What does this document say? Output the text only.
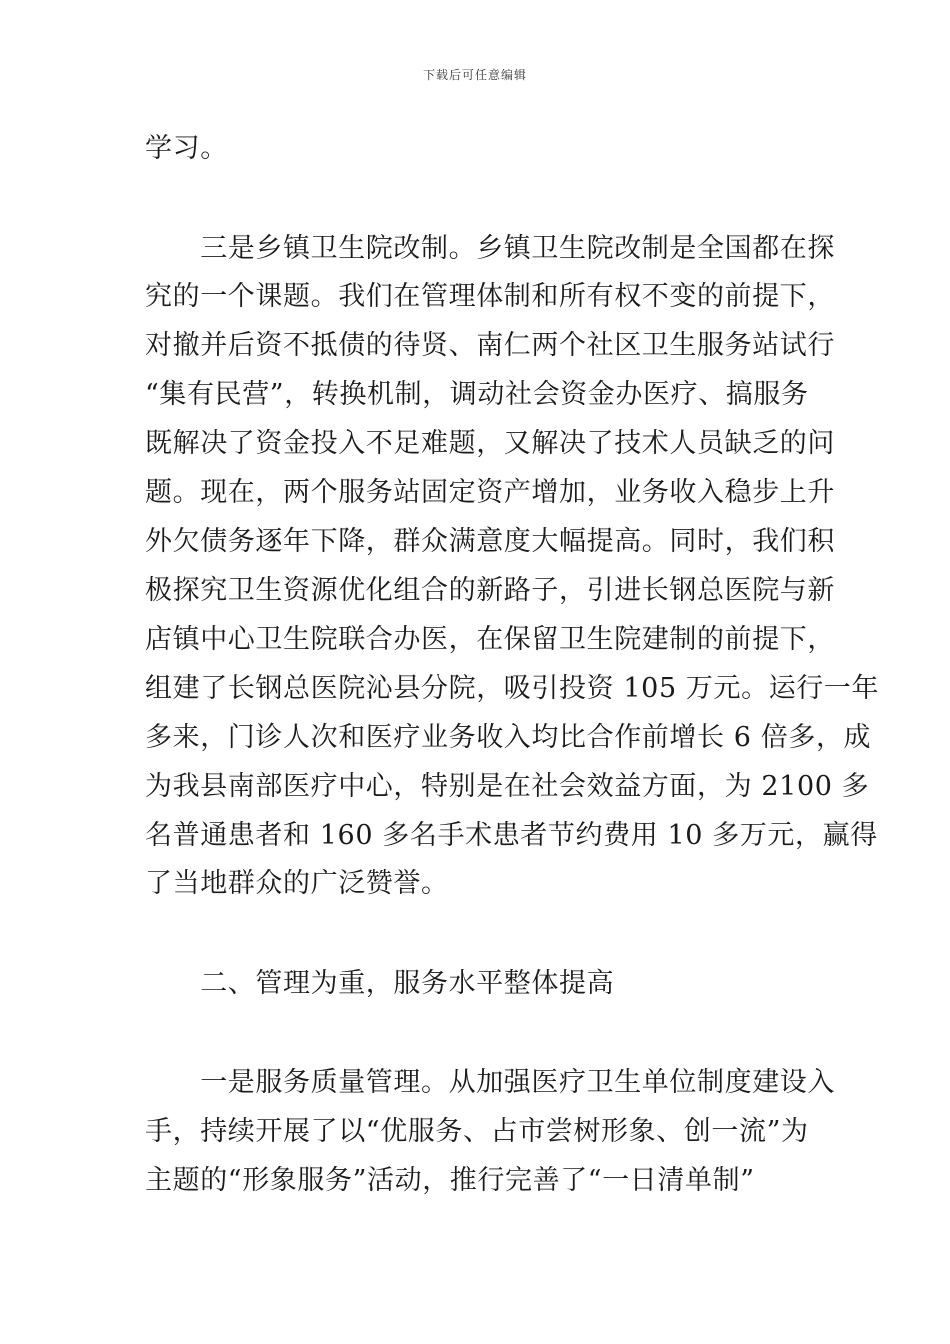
下载后可任意编辑
学习。
　　三是乡镇卫生院改制。乡镇卫生院改制是全国都在探
究的一个课题。我们在管理体制和所有权不变的前提下，
对撤并后资不抵债的待贤、南仁两个社区卫生服务站试行
“集有民营”，转换机制，调动社会资金办医疗、搞服务
既解决了资金投入不足难题，又解决了技术人员缺乏的问
题。现在，两个服务站固定资产增加，业务收入稳步上升
外欠债务逐年下降，群众满意度大幅提高。同时，我们积
极探究卫生资源优化组合的新路子，引进长钢总医院与新
店镇中心卫生院联合办医，在保留卫生院建制的前提下，
组建了长钢总医院沁县分院，吸引投资 105 万元。运行一年
多来，门诊人次和医疗业务收入均比合作前增长 6 倍多，成
为我县南部医疗中心，特别是在社会效益方面，为 2100 多
名普通患者和 160 多名手术患者节约费用 10 多万元，赢得
了当地群众的广泛赞誉。
　　二、管理为重，服务水平整体提高
　　一是服务质量管理。从加强医疗卫生单位制度建设入
手，持续开展了以“优服务、占市尝树形象、创一流”为
主题的“形象服务”活动，推行完善了“一日清单制”
